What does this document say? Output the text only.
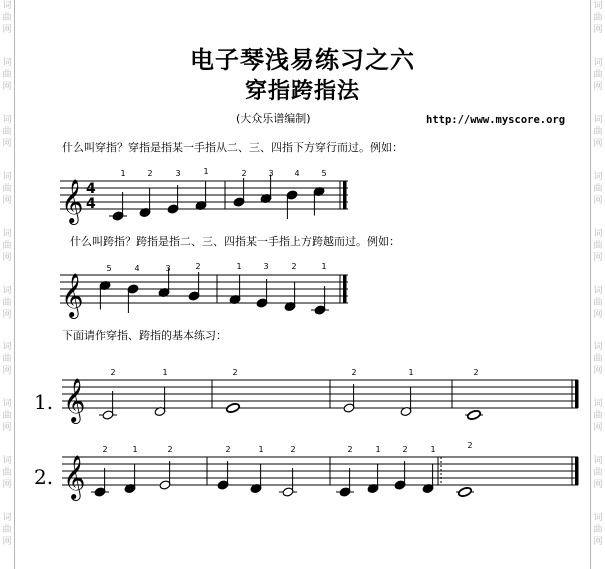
词
曲
网
词
曲
网
词
曲
网
词
曲
网
词
曲
网
词
曲
网
词
曲
网
词
曲
网
词
曲
网
词
曲
网
词
曲
网
词
曲
网
词
曲
网
词
曲
网
词
曲
网
词
曲
网
词
曲
网
词
曲
网
词
曲
网
词
曲
网
电子琴浅易练习之六
穿指跨指法
(大众乐谱编制)	http://www.myscore.org
什么叫穿指？穿指是指某一手指从二、三、四指下方穿行而过。例如：
什么叫跨指？跨指是指二、三、四指某一手指上方跨越而过。例如：
下面请作穿指、跨指的基本练习：
1.
2.
𝄞 4
4
1	2	3	1	2	3	4	5
𝄞
5	4	3	2	1	3	2	1
𝄞
2	1	2	2	1	2
𝄞
2	1	2	2	1	2	2	1	2	1	2
